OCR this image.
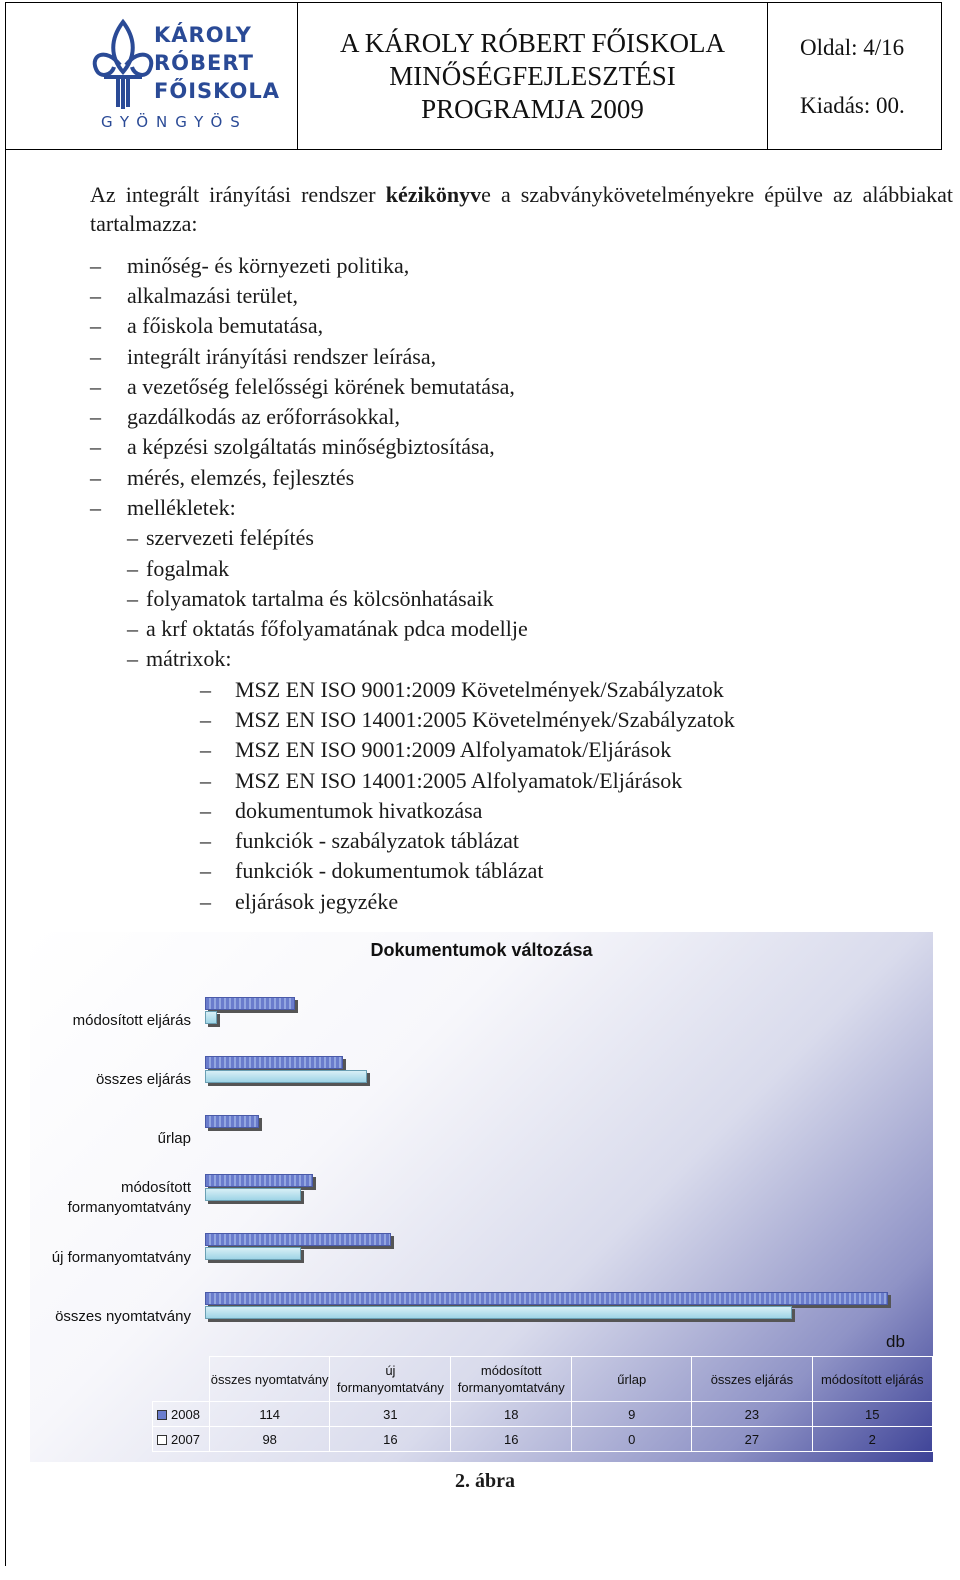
KÁROLY
RÓBERT
FŐISKOLA
GYÖNGYÖS
A KÁROLY RÓBERT FŐISKOLA
MINŐSÉGFEJLESZTÉSI
PROGRAMJA 2009
Oldal: 4/16
Kiadás: 00.
Az integrált irányítási rendszer kézikönyve a szabványkövetelményekre épülve az alábbiakat tartalmazza:
– minőség- és környezeti politika,
– alkalmazási terület,
– a főiskola bemutatása,
– integrált irányítási rendszer leírása,
– a vezetőség felelősségi körének bemutatása,
– gazdálkodás az erőforrásokkal,
– a képzési szolgáltatás minőségbiztosítása,
– mérés, elemzés, fejlesztés
– mellékletek:
– szervezeti felépítés
– fogalmak
– folyamatok tartalma és kölcsönhatásaik
– a krf oktatás főfolyamatának pdca modellje
– mátrixok:
– MSZ EN ISO 9001:2009 Követelmények/Szabályzatok
– MSZ EN ISO 14001:2005 Követelmények/Szabályzatok
– MSZ EN ISO 9001:2009 Alfolyamatok/Eljárások
– MSZ EN ISO 14001:2005 Alfolyamatok/Eljárások
– dokumentumok hivatkozása
– funkciók - szabályzatok táblázat
– funkciók - dokumentumok táblázat
– eljárások jegyzéke
Dokumentumok változása
módosított eljárás
összes eljárás
űrlap
módosított formanyomtatvány
új formanyomtatvány
összes nyomtatvány
db
	összes nyomtatvány	új formanyomtatvány	módosított formanyomtatvány	űrlap	összes eljárás	módosított eljárás
2008	114	31	18	9	23	15
2007	98	16	16	0	27	2
2. ábra
